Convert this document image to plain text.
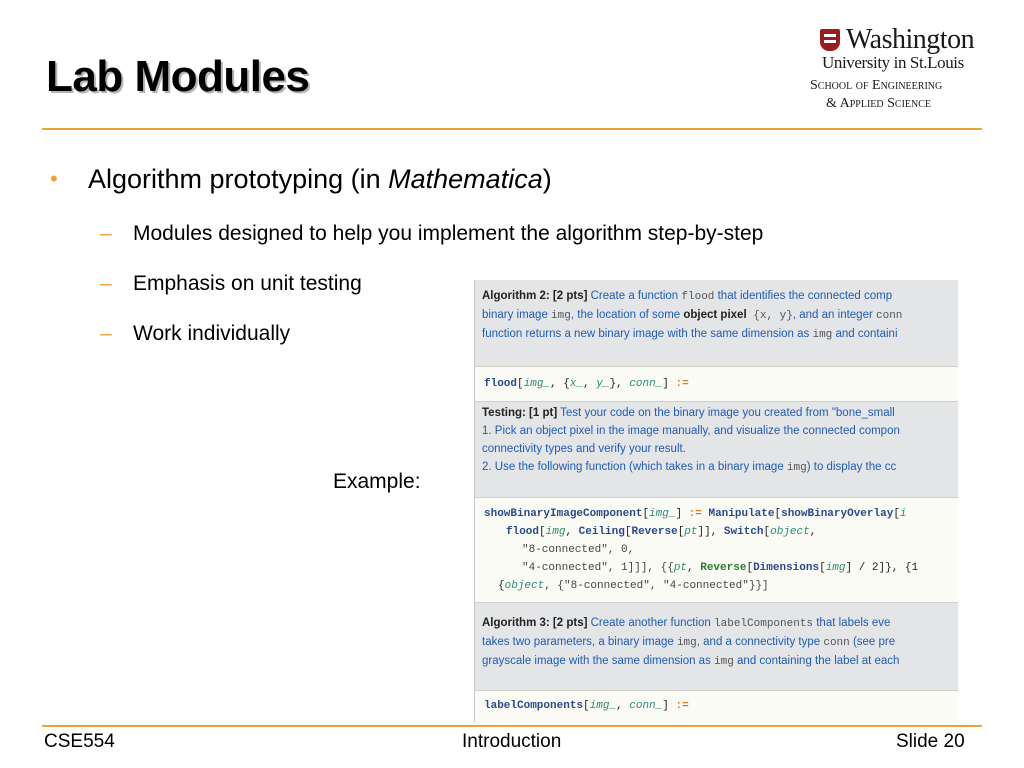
Lab Modules
Washington
University in St.Louis
School of Engineering
& Applied Science
• Algorithm prototyping (in Mathematica)
– Modules designed to help you implement the algorithm step-by-step
– Emphasis on unit testing
– Work individually
Example:
Algorithm 2: [2 pts] Create a function flood that identifies the connected comp
binary image img, the location of some object pixel {x, y}, and an integer conn
function returns a new binary image with the same dimension as img and containi
flood[img_, {x_, y_}, conn_] :=
Testing: [1 pt] Test your code on the binary image you created from "bone_small
1. Pick an object pixel in the image manually, and visualize the connected compon
connectivity types and verify your result.
2. Use the following function (which takes in a binary image img) to display the cc
showBinaryImageComponent[img_] := Manipulate[showBinaryOverlay[i
flood[img, Ceiling[Reverse[pt]], Switch[object,
"8-connected", 0,
"4-connected", 1]]], {{pt, Reverse[Dimensions[img] / 2]}, {1
{object, {"8-connected", "4-connected"}}]
Algorithm 3: [2 pts] Create another function labelComponents that labels eve
takes two parameters, a binary image img, and a connectivity type conn (see pre
grayscale image with the same dimension as img and containing the label at each
labelComponents[img_, conn_] :=
CSE554	Introduction	Slide 20
